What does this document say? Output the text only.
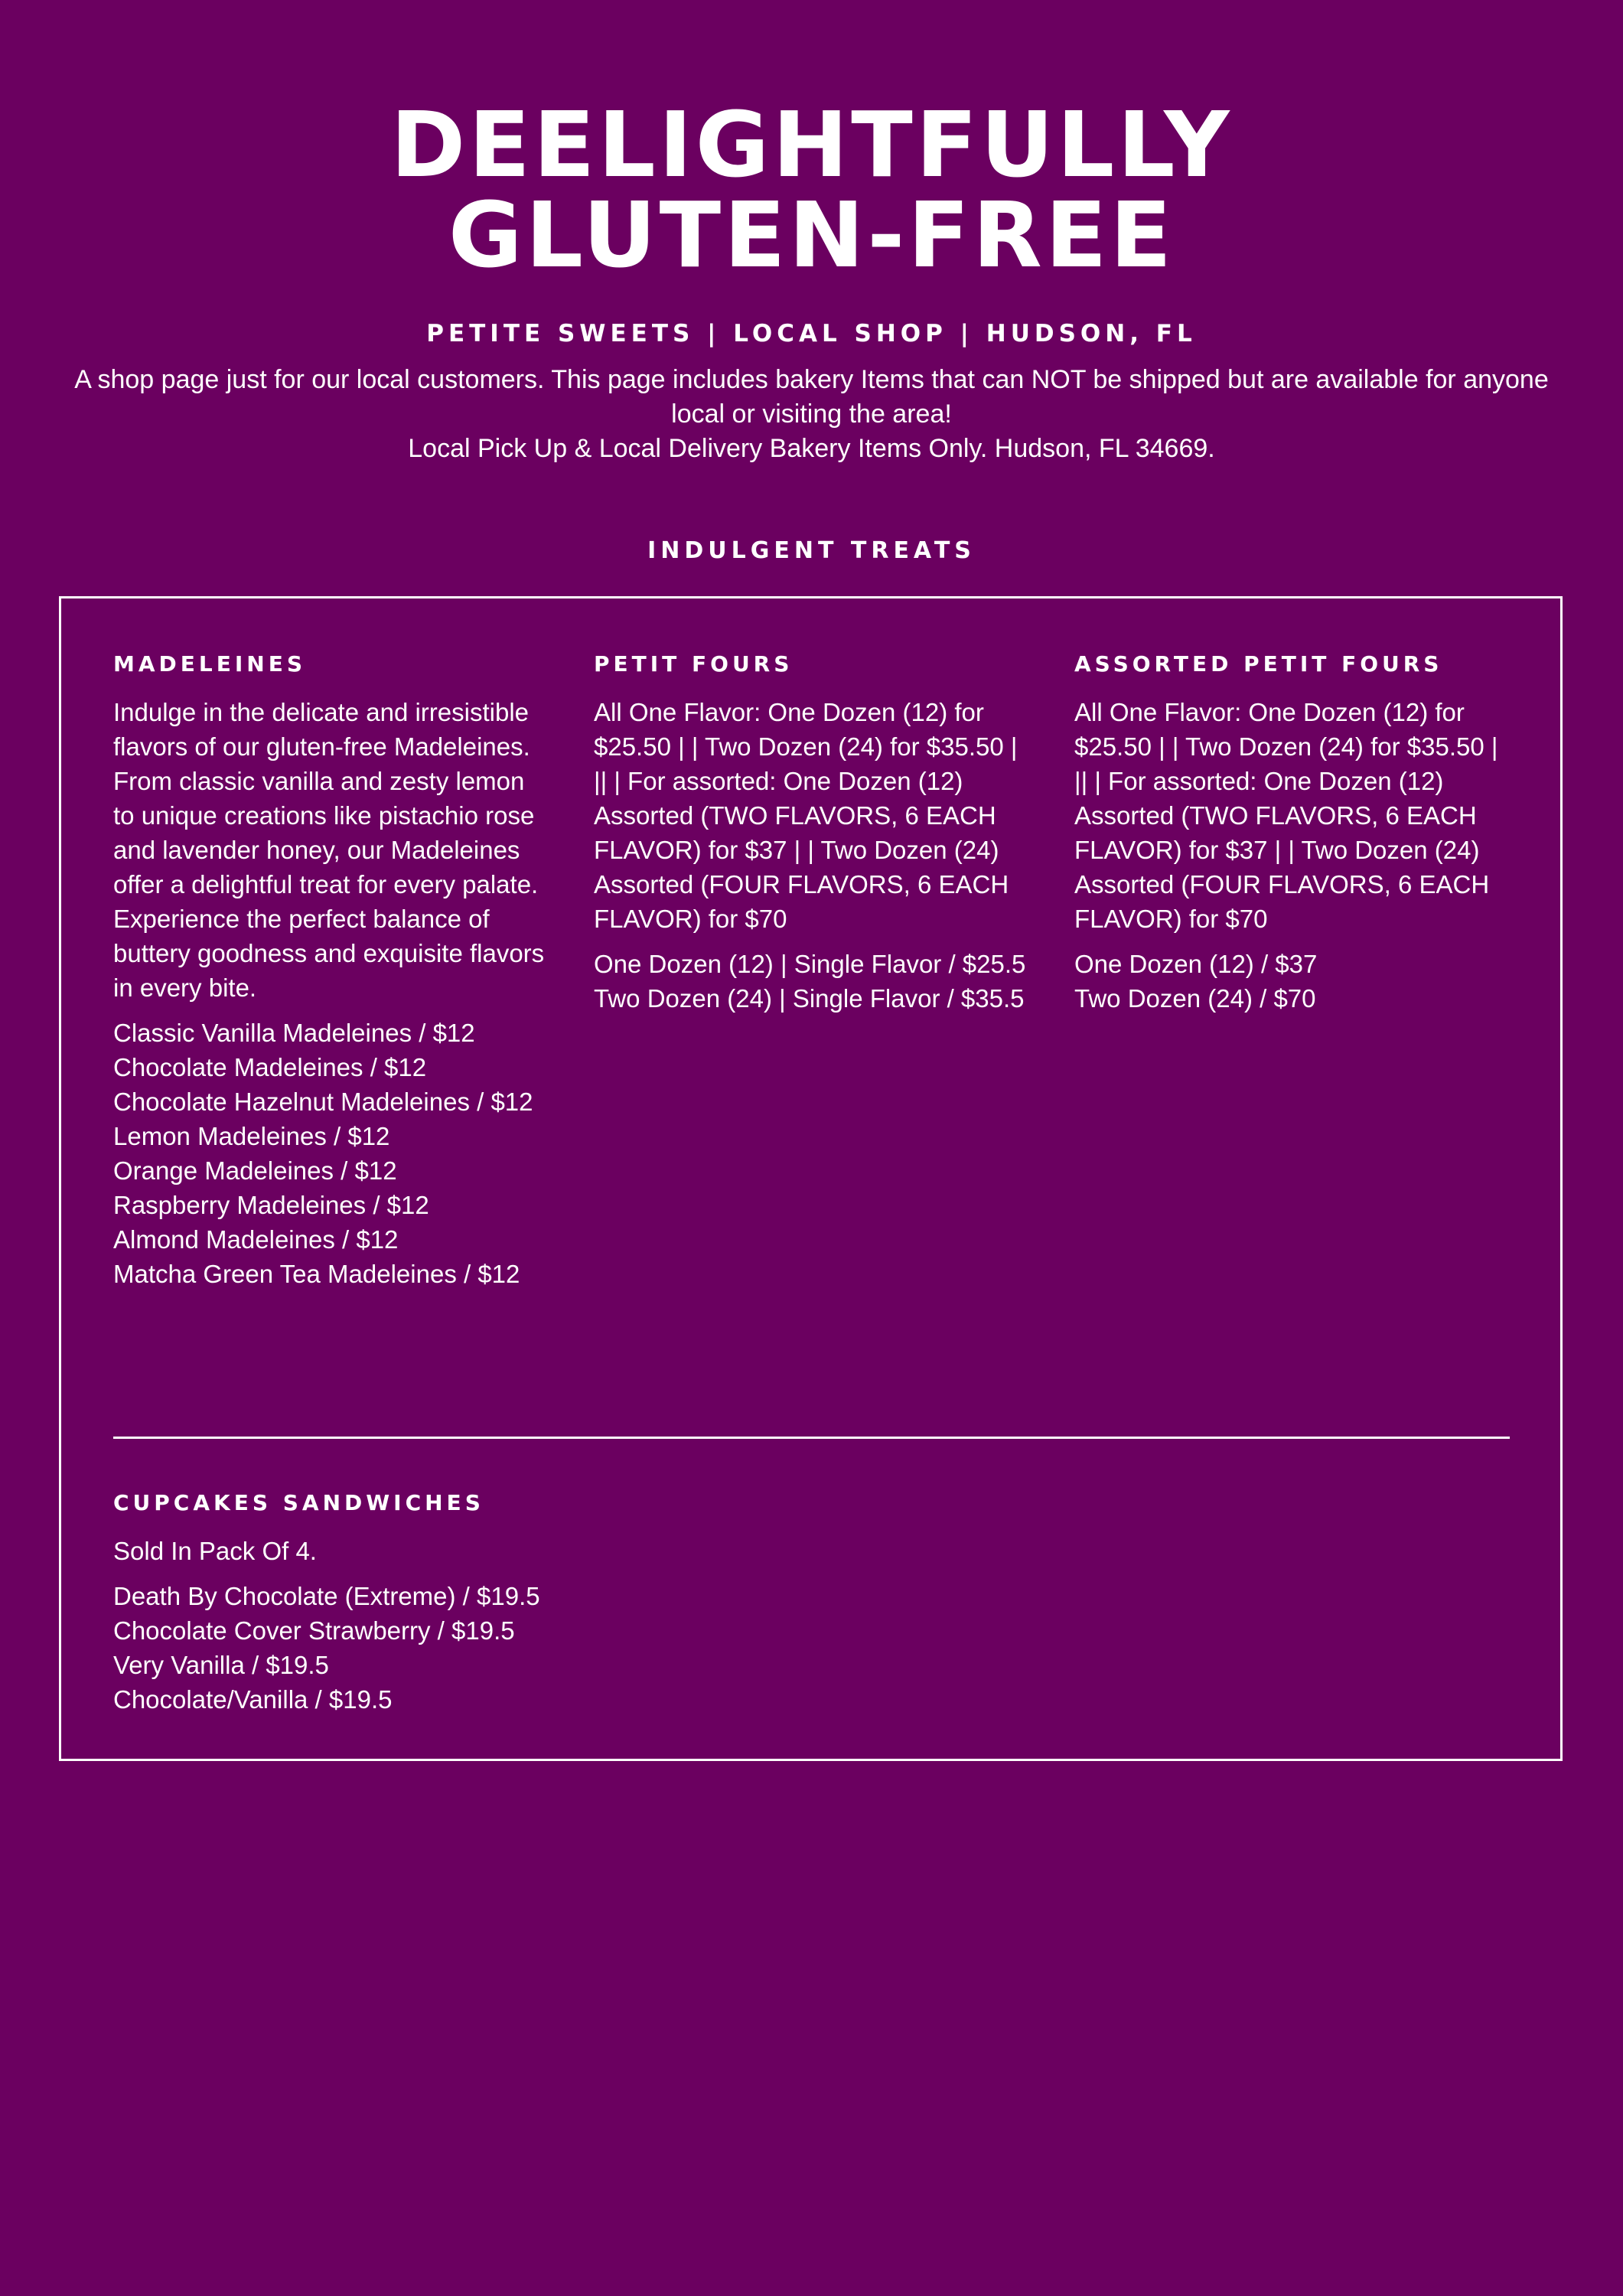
DEELIGHTFULLY
GLUTEN-FREE
PETITE SWEETS | LOCAL SHOP | HUDSON, FL

A shop page just for our local customers. This page includes bakery Items that can NOT be shipped but are available for anyone local or visiting the area!

Local Pick Up & Local Delivery Bakery Items Only. Hudson, FL 34669.

INDULGENT TREATS
MADELEINES

Indulge in the delicate and irresistible flavors of our gluten-free Madeleines. From classic vanilla and zesty lemon to unique creations like pistachio rose and lavender honey, our Madeleines offer a delightful treat for every palate. Experience the perfect balance of buttery goodness and exquisite flavors in every bite.

Classic Vanilla Madeleines / $12
Chocolate Madeleines / $12
Chocolate Hazelnut Madeleines / $12
Lemon Madeleines / $12
Orange Madeleines / $12
Raspberry Madeleines / $12
Almond Madeleines / $12
Matcha Green Tea Madeleines / $12
PETIT FOURS

All One Flavor: One Dozen (12) for $25.50 | | Two Dozen (24) for $35.50 | || | For assorted: One Dozen (12) Assorted (TWO FLAVORS, 6 EACH FLAVOR) for $37 | | Two Dozen (24) Assorted (FOUR FLAVORS, 6 EACH FLAVOR) for $70

One Dozen (12) | Single Flavor / $25.5
Two Dozen (24) | Single Flavor / $35.5
ASSORTED PETIT FOURS

All One Flavor: One Dozen (12) for $25.50 | | Two Dozen (24) for $35.50 | || | For assorted: One Dozen (12) Assorted (TWO FLAVORS, 6 EACH FLAVOR) for $37 | | Two Dozen (24) Assorted (FOUR FLAVORS, 6 EACH FLAVOR) for $70

One Dozen (12) / $37
Two Dozen (24) / $70
CUPCAKES SANDWICHES

Sold In Pack Of 4.

Death By Chocolate (Extreme) / $19.5
Chocolate Cover Strawberry / $19.5
Very Vanilla / $19.5
Chocolate/Vanilla / $19.5
